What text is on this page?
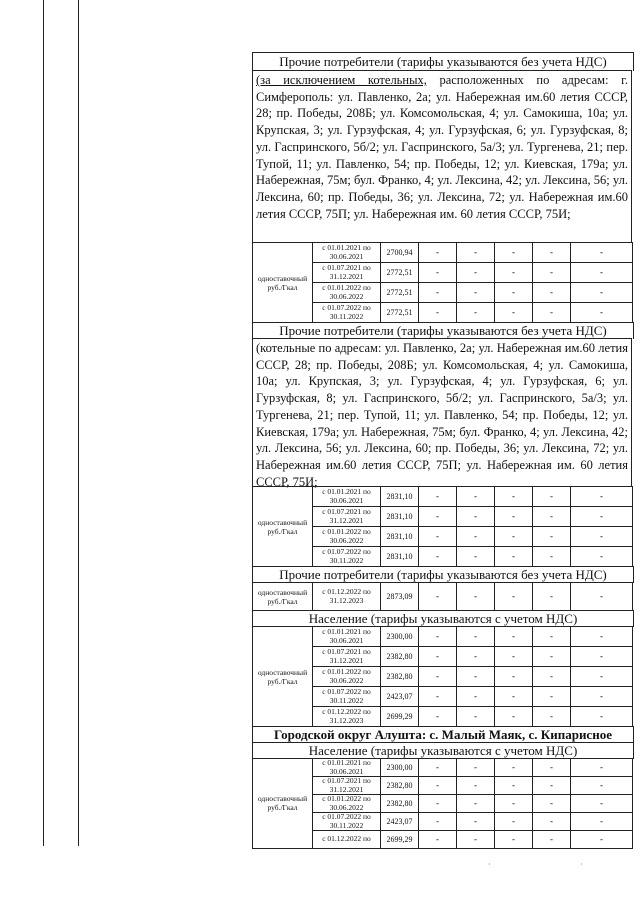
Прочие потребители (тарифы указываются без учета НДС)
(за исключением котельных, расположенных по адресам: г. Симферополь: ул. Павленко, 2а; ул. Набережная им.60 летия СССР, 28; пр. Победы, 208Б; ул. Комсомольская, 4; ул. Самокиша, 10а; ул. Крупская, 3; ул. Гурзуфская, 4; ул. Гурзуфская, 6; ул. Гурзуфская, 8; ул. Гаспринского, 5б/2; ул. Гаспринского, 5а/3; ул. Тургенева, 21; пер. Тупой, 11; ул. Павленко, 54; пр. Победы, 12; ул. Киевская, 179а; ул. Набережная, 75м; бул. Франко, 4; ул. Лексина, 42; ул. Лексина, 56; ул. Лексина, 60; пр. Победы, 36; ул. Лексина, 72; ул. Набережная им.60 летия СССР, 75П; ул. Набережная им. 60 летия СССР, 75И;
одноставочный руб./Гкал	с 01.01.2021 по 30.06.2021	2700,94	-	-	-	-	-
	с 01.07.2021 по 31.12.2021	2772,51	-	-	-	-	-
	с 01.01.2022 по 30.06.2022	2772,51	-	-	-	-	-
	с 01.07.2022 по 30.11.2022	2772,51	-	-	-	-	-
Прочие потребители (тарифы указываются без учета НДС)
(котельные по адресам: ул. Павленко, 2а; ул. Набережная им.60 летия СССР, 28; пр. Победы, 208Б; ул. Комсомольская, 4; ул. Самокиша, 10а; ул. Крупская, 3; ул. Гурзуфская, 4; ул. Гурзуфская, 6; ул. Гурзуфская, 8; ул. Гаспринского, 5б/2; ул. Гаспринского, 5а/3; ул. Тургенева, 21; пер. Тупой, 11; ул. Павленко, 54; пр. Победы, 12; ул. Киевская, 179а; ул. Набережная, 75м; бул. Франко, 4; ул. Лексина, 42; ул. Лексина, 56; ул. Лексина, 60; пр. Победы, 36; ул. Лексина, 72; ул. Набережная им.60 летия СССР, 75П; ул. Набережная им. 60 летия СССР, 75И;
одноставочный руб./Гкал	с 01.01.2021 по 30.06.2021	2831,10	-	-	-	-	-
	с 01.07.2021 по 31.12.2021	2831,10	-	-	-	-	-
	с 01.01.2022 по 30.06.2022	2831,10	-	-	-	-	-
	с 01.07.2022 по 30.11.2022	2831,10	-	-	-	-	-
Прочие потребители (тарифы указываются без учета НДС)
одноставочный руб./Гкал	с 01.12.2022 по 31.12.2023	2873,09	-	-	-	-	-
Население (тарифы указываются с учетом НДС)
одноставочный руб./Гкал	с 01.01.2021 по 30.06.2021	2300,00	-	-	-	-	-
	с 01.07.2021 по 31.12.2021	2382,80	-	-	-	-	-
	с 01.01.2022 по 30.06.2022	2382,80	-	-	-	-	-
	с 01.07.2022 по 30.11.2022	2423,07	-	-	-	-	-
	с 01.12.2022 по 31.12.2023	2699,29	-	-	-	-	-
Городской округ Алушта: с. Малый Маяк, с. Кипарисное
Население (тарифы указываются с учетом НДС)
одноставочный руб./Гкал	с 01.01.2021 по 30.06.2021	2300,00	-	-	-	-	-
	с 01.07.2021 по 31.12.2021	2382,80	-	-	-	-	-
	с 01.01.2022 по 30.06.2022	2382,80	-	-	-	-	-
	с 01.07.2022 по 30.11.2022	2423,07	-	-	-	-	-
	с 01.12.2022 по	2699,29	-	-	-	-	-
·	·
